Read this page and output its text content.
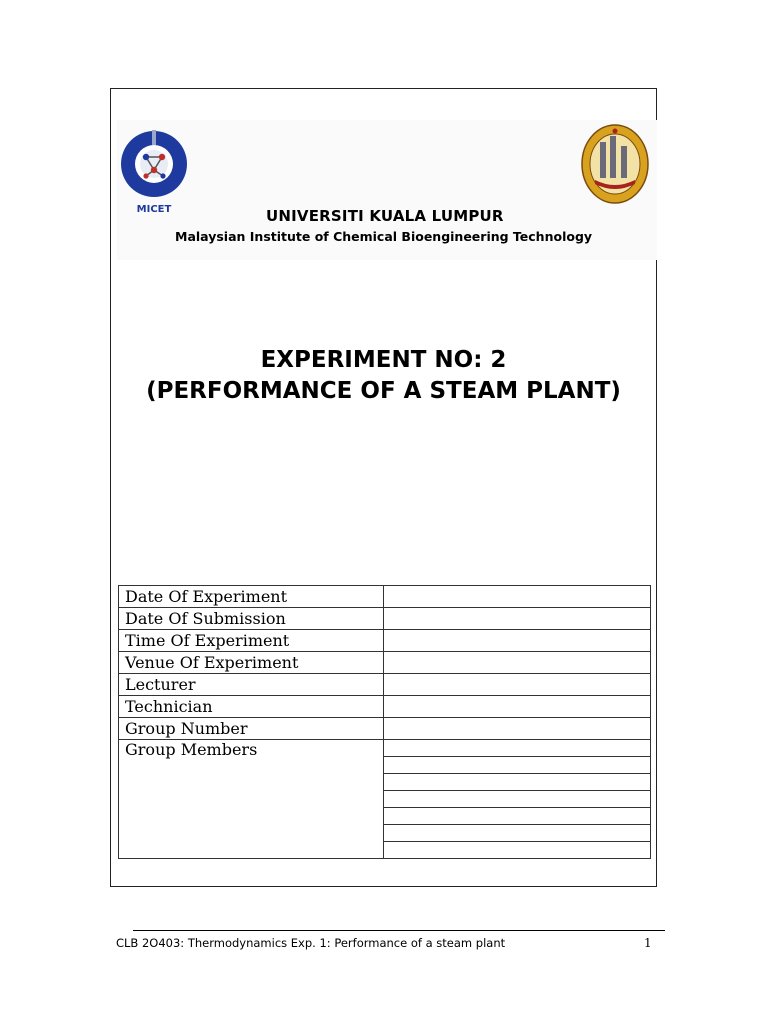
MICET	UNIVERSITI KUALA LUMPUR
Malaysian Institute of Chemical Bioengineering Technology
EXPERIMENT NO: 2
(PERFORMANCE OF A STEAM PLANT)
Date Of Experiment	
Date Of Submission	
Time Of Experiment	
Venue Of Experiment	
Lecturer	
Technician	
Group Number	
Group Members	
CLB 2O403: Thermodynamics Exp. 1: Performance of a steam plant	1
